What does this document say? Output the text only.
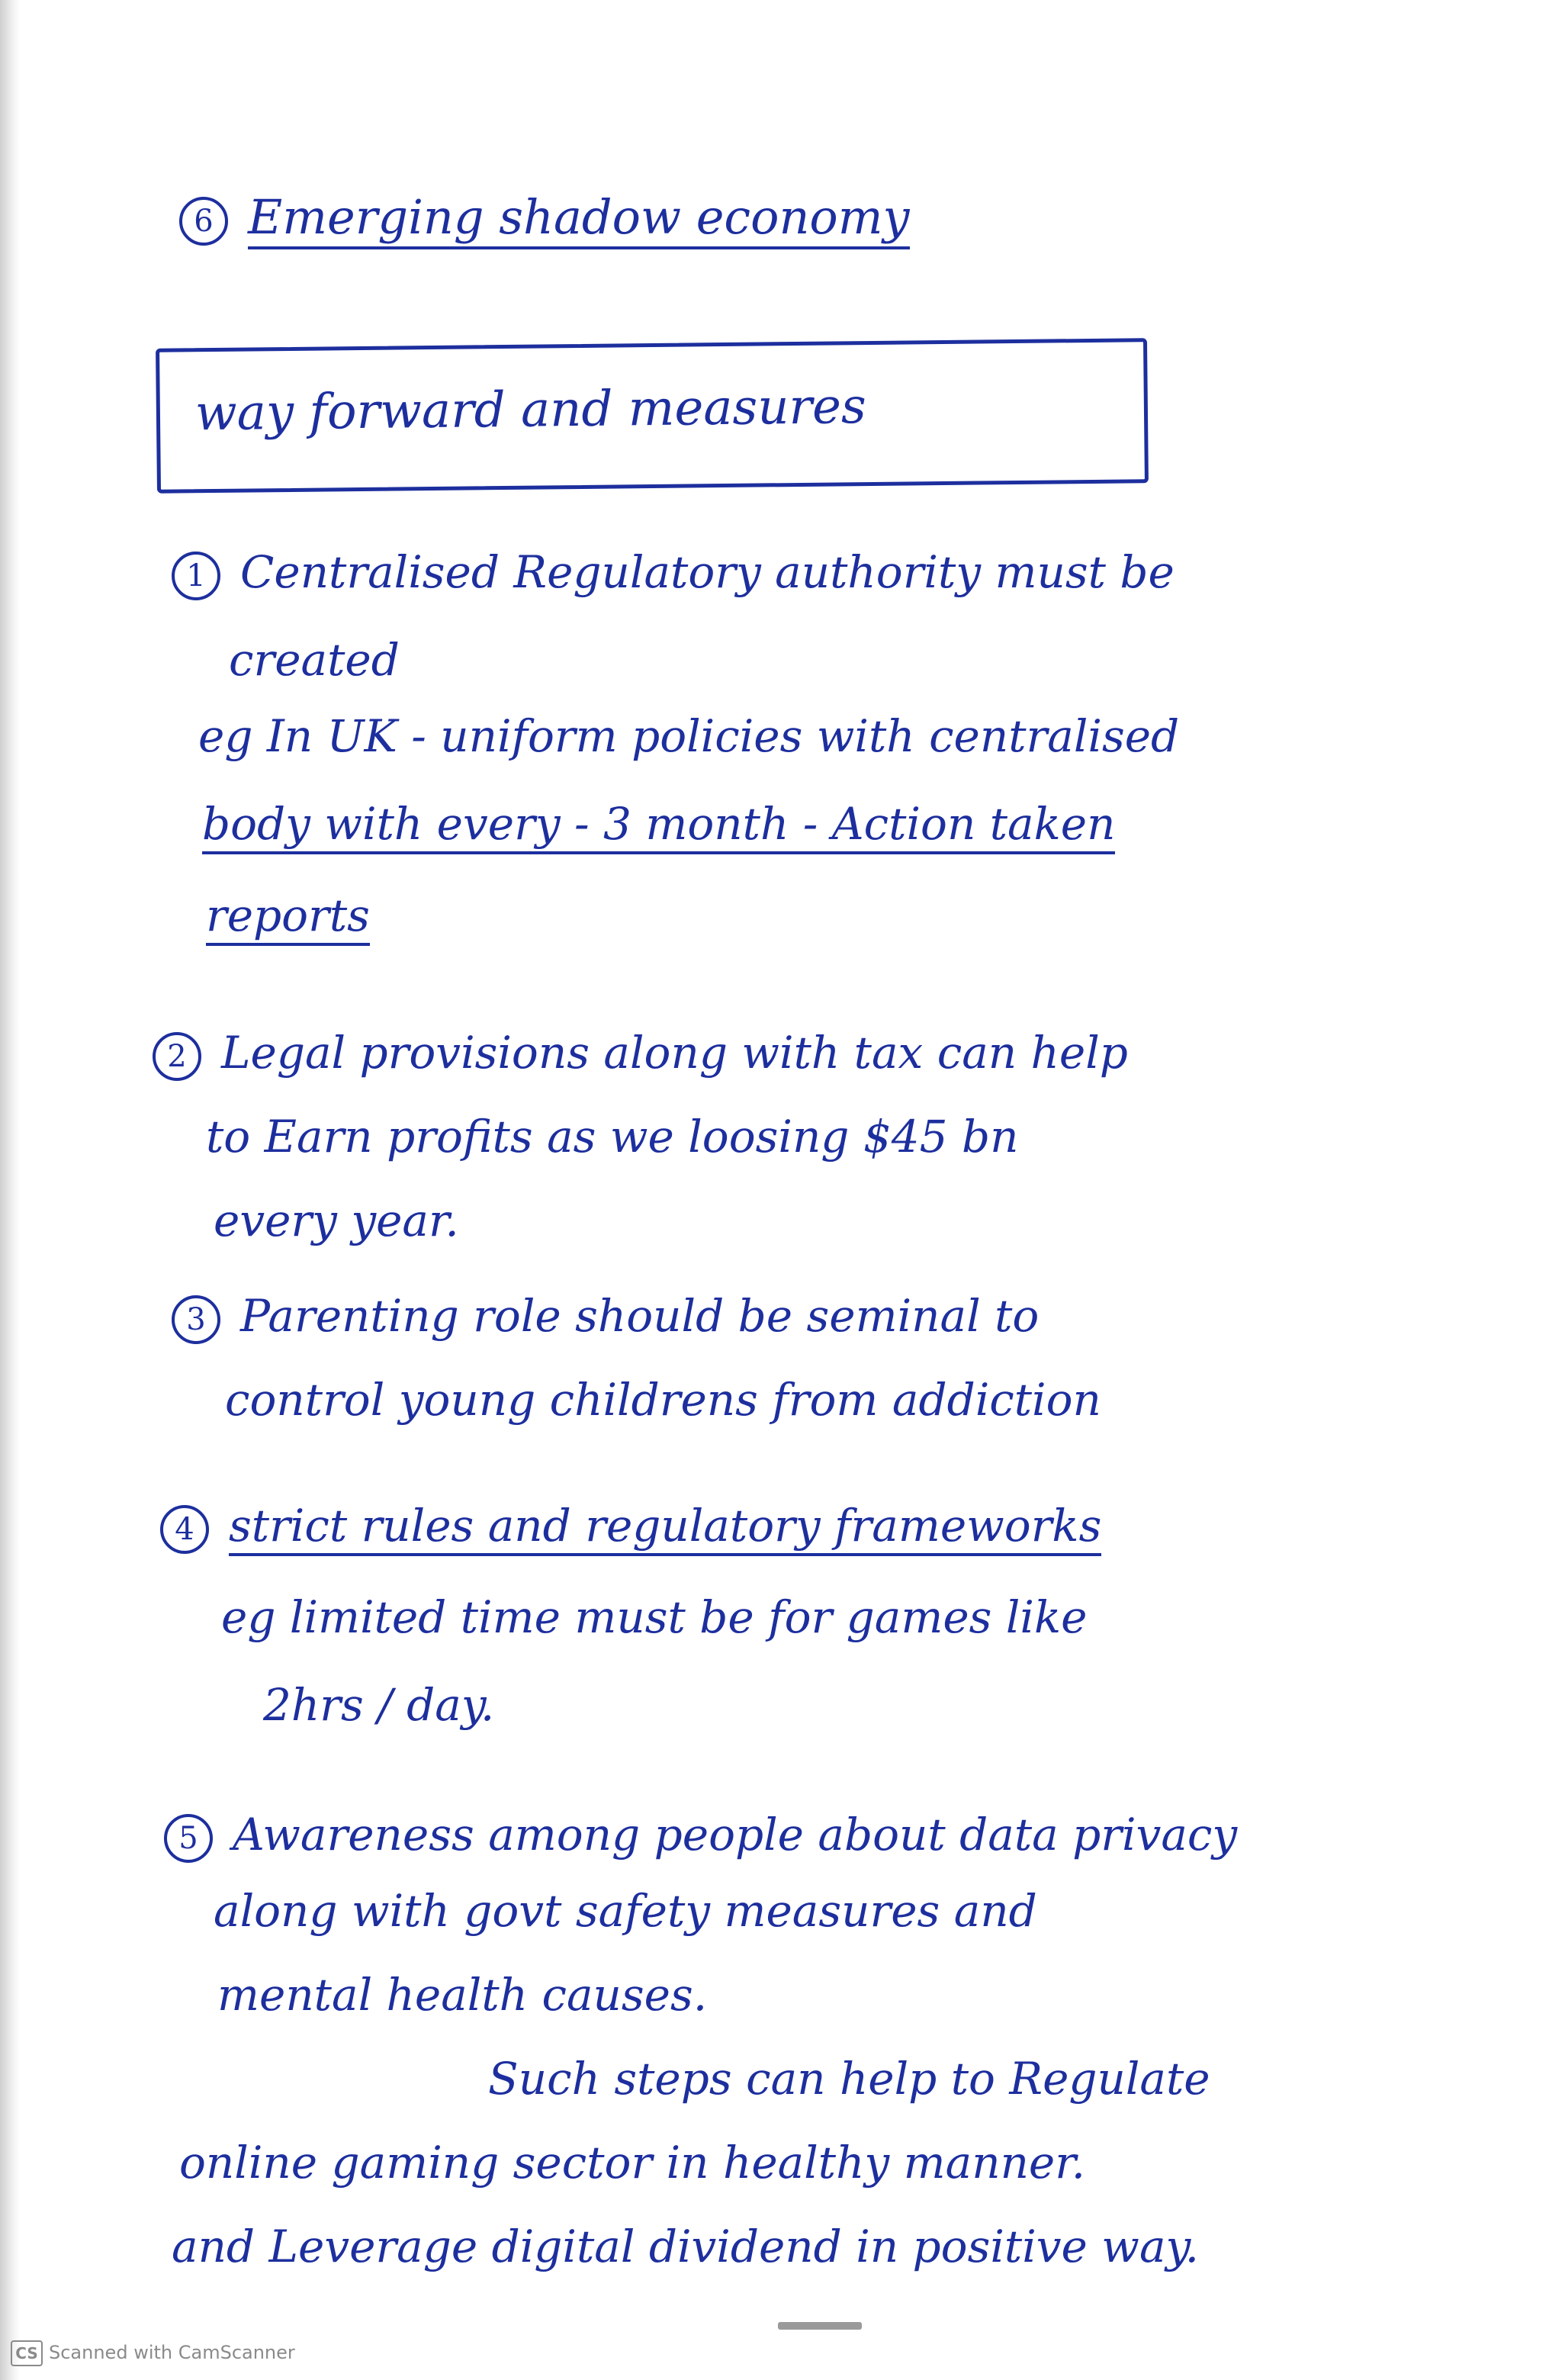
6 Emerging shadow economy
way forward and measures
1 Centralised Regulatory authority must be
created
eg In UK - uniform policies with centralised
body with every - 3 month - Action taken
reports
2 Legal provisions along with tax can help
to Earn profits as we loosing $45 bn
every year.
3 Parenting role should be seminal to
control young childrens from addiction
4 strict rules and regulatory frameworks
eg limited time must be for games like
2hrs / day.
5 Awareness among people about data privacy
along with govt safety measures and
mental health causes.
Such steps can help to Regulate
online gaming sector in healthy manner.
and Leverage digital dividend in positive way.
CS Scanned with CamScanner
